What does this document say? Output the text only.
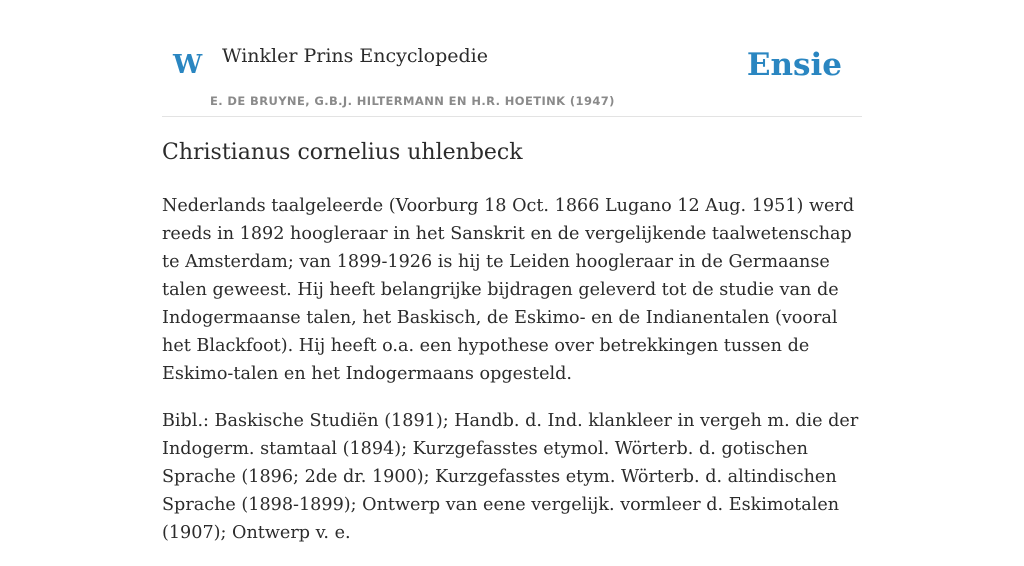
W Winkler Prins Encyclopedie
E. DE BRUYNE, G.B.J. HILTERMANN EN H.R. HOETINK (1947)
Ensie
Christianus cornelius uhlenbeck

Nederlands taalgeleerde (Voorburg 18 Oct. 1866 Lugano 12 Aug. 1951) werd reeds in 1892 hoogleraar in het Sanskrit en de vergelijkende taalwetenschap te Amsterdam; van 1899-1926 is hij te Leiden hoogleraar in de Germaanse talen geweest. Hij heeft belangrijke bijdragen geleverd tot de studie van de Indogermaanse talen, het Baskisch, de Eskimo- en de Indianentalen (vooral het Blackfoot). Hij heeft o.a. een hypothese over betrekkingen tussen de Eskimo-talen en het Indogermaans opgesteld.

Bibl.: Baskische Studiën (1891); Handb. d. Ind. klankleer in vergeh m. die der Indogerm. stamtaal (1894); Kurzgefasstes etymol. Wörterb. d. gotischen Sprache (1896; 2de dr. 1900); Kurzgefasstes etym. Wörterb. d. altindischen Sprache (1898-1899); Ontwerp van eene vergelijk. vormleer d. Eskimotalen (1907); Ontwerp v. e.
